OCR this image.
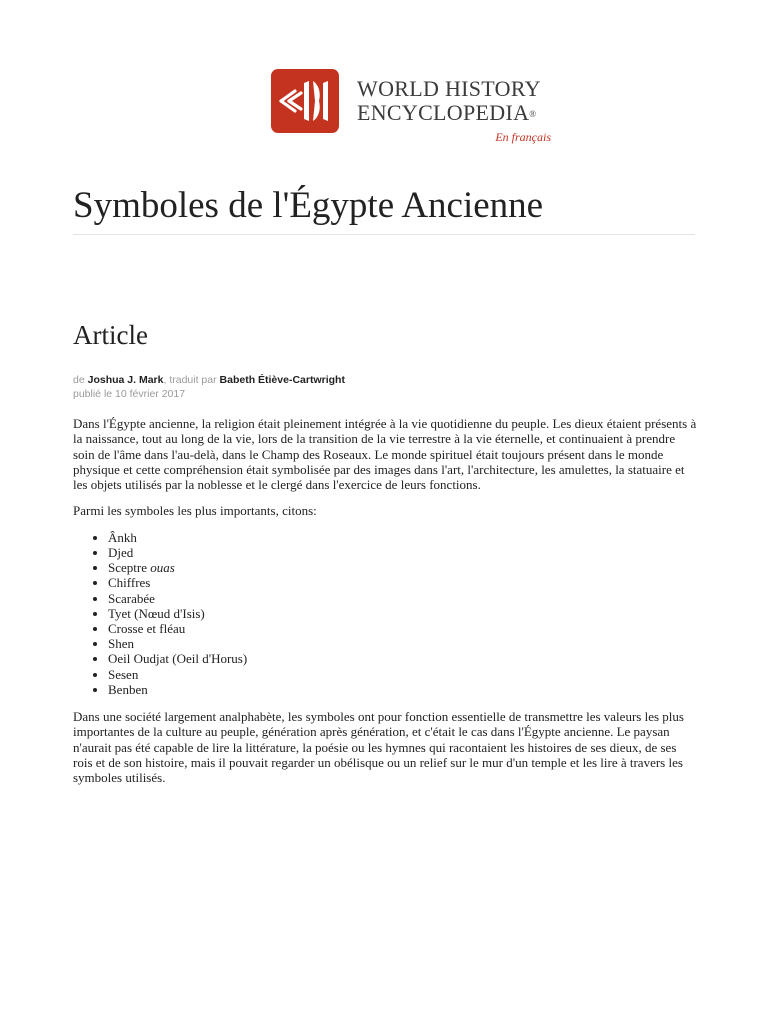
WORLD HISTORY
ENCYCLOPEDIA®
En français
Symboles de l'Égypte Ancienne
Article
de Joshua J. Mark, traduit par Babeth Étiève-Cartwright
publié le 10 février 2017

Dans l'Égypte ancienne, la religion était pleinement intégrée à la vie quotidienne du peuple. Les dieux étaient présents à la naissance, tout au long de la vie, lors de la transition de la vie terrestre à la vie éternelle, et continuaient à prendre soin de l'âme dans l'au-delà, dans le Champ des Roseaux. Le monde spirituel était toujours présent dans le monde physique et cette compréhension était symbolisée par des images dans l'art, l'architecture, les amulettes, la statuaire et les objets utilisés par la noblesse et le clergé dans l'exercice de leurs fonctions.

Parmi les symboles les plus importants, citons:

• Ânkh
• Djed
• Sceptre ouas
• Chiffres
• Scarabée
• Tyet (Nœud d'Isis)
• Crosse et fléau
• Shen
• Oeil Oudjat (Oeil d'Horus)
• Sesen
• Benben

Dans une société largement analphabète, les symboles ont pour fonction essentielle de transmettre les valeurs les plus importantes de la culture au peuple, génération après génération, et c'était le cas dans l'Égypte ancienne. Le paysan n'aurait pas été capable de lire la littérature, la poésie ou les hymnes qui racontaient les histoires de ses dieux, de ses rois et de son histoire, mais il pouvait regarder un obélisque ou un relief sur le mur d'un temple et les lire à travers les symboles utilisés.
